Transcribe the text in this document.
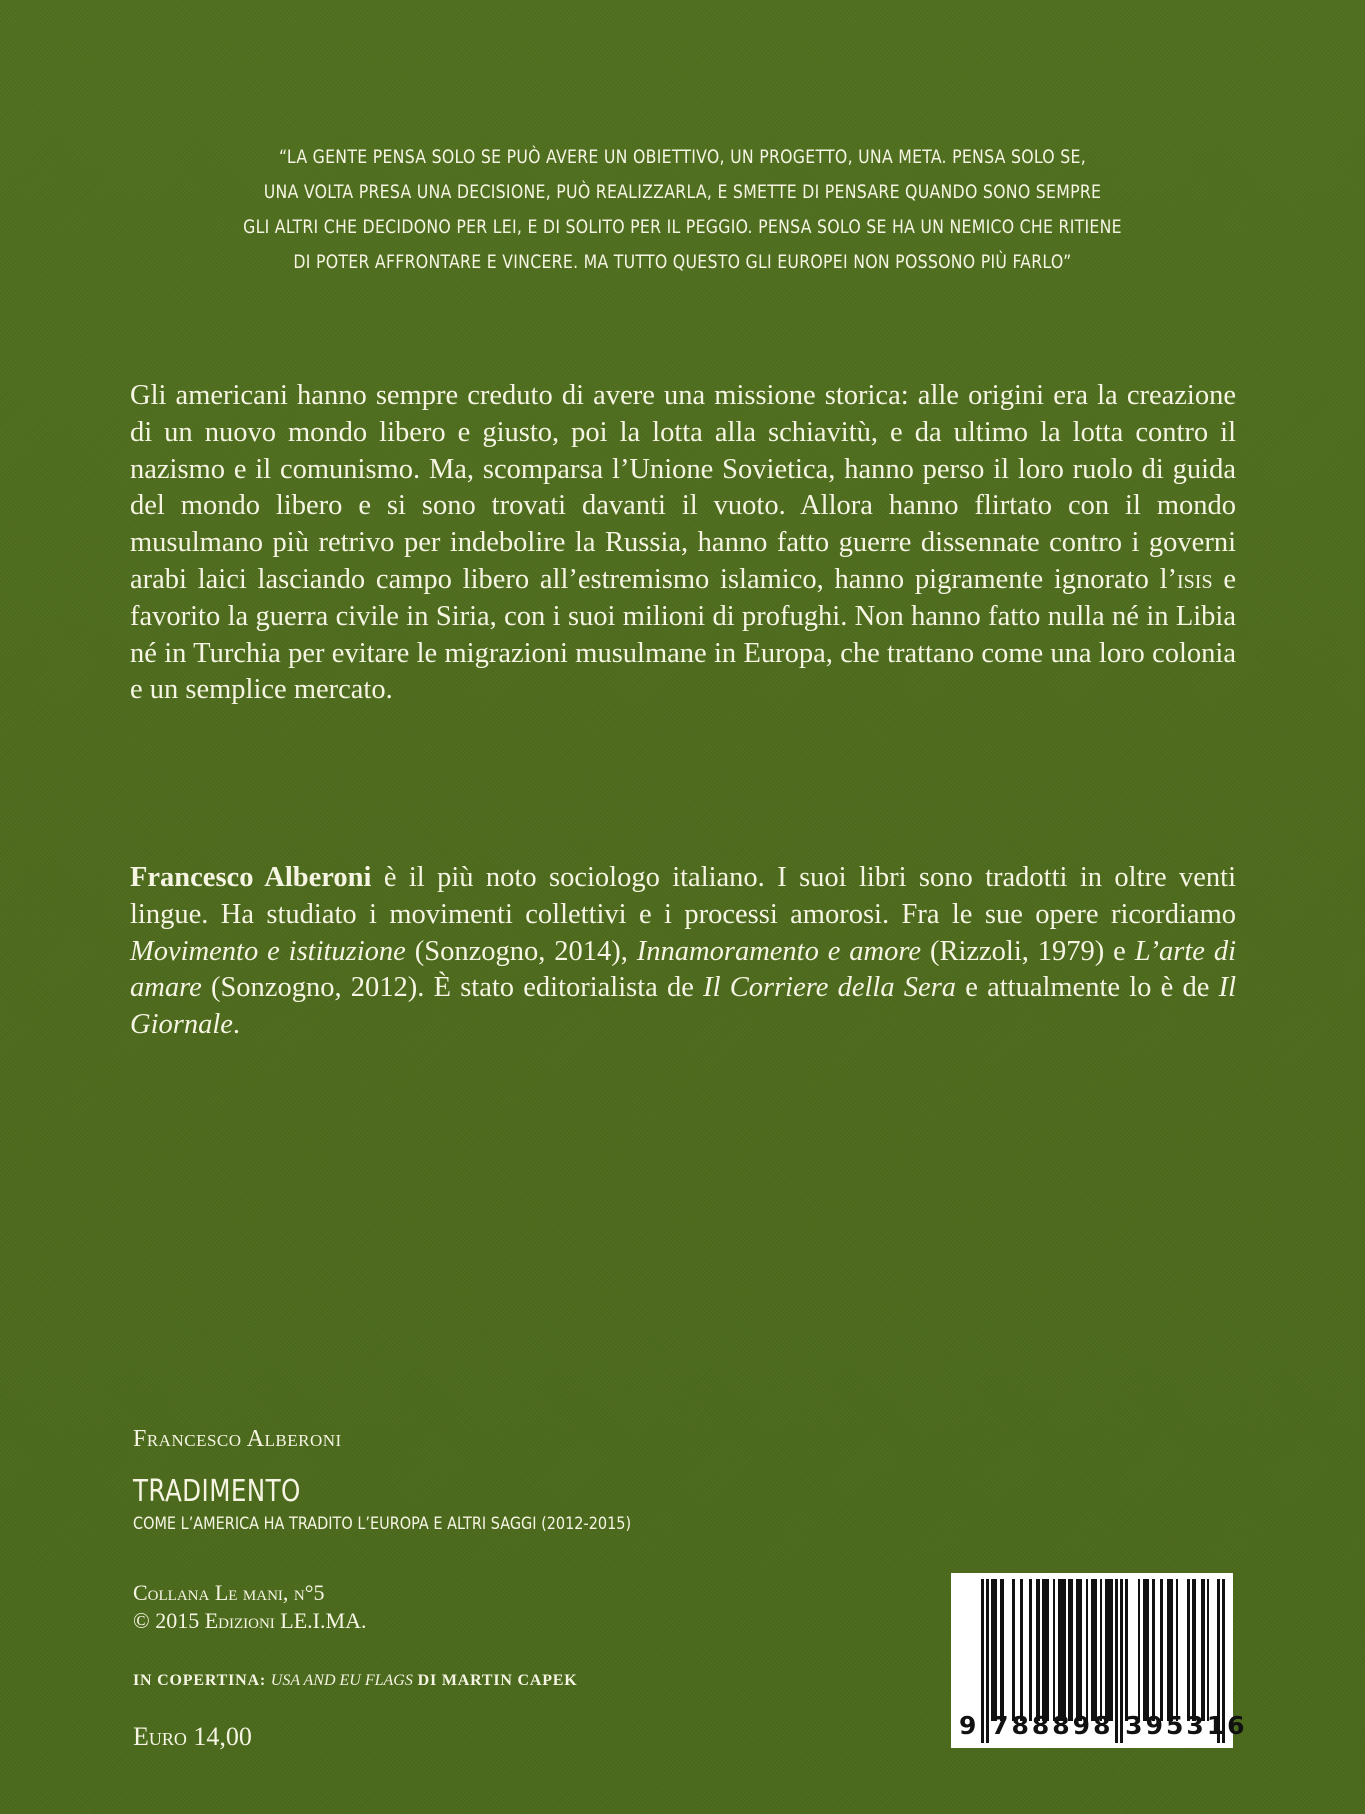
“LA GENTE PENSA SOLO SE PUÒ AVERE UN OBIETTIVO, UN PROGETTO, UNA META. PENSA SOLO SE,
UNA VOLTA PRESA UNA DECISIONE, PUÒ REALIZZARLA, E SMETTE DI PENSARE QUANDO SONO SEMPRE
GLI ALTRI CHE DECIDONO PER LEI, E DI SOLITO PER IL PEGGIO. PENSA SOLO SE HA UN NEMICO CHE RITIENE
DI POTER AFFRONTARE E VINCERE. MA TUTTO QUESTO GLI EUROPEI NON POSSONO PIÙ FARLO”

Gli americani hanno sempre creduto di avere una missione storica: alle origini era la creazione di un nuovo mondo libero e giusto, poi la lotta alla schiavitù, e da ultimo la lotta contro il nazismo e il comunismo. Ma, scomparsa l’Unione Sovietica, hanno perso il loro ruolo di guida del mondo libero e si sono trovati davanti il vuoto. Allora hanno flirtato con il mondo musulmano più retrivo per indebolire la Russia, hanno fatto guerre dissennate contro i governi arabi laici lasciando campo libero all’estremismo islamico, hanno pigramente ignorato l’isis e favorito la guerra civile in Siria, con i suoi milioni di profughi. Non hanno fatto nulla né in Libia né in Turchia per evitare le migrazioni musulmane in Europa, che trattano come una loro colonia e un semplice mercato.

Francesco Alberoni è il più noto sociologo italiano. I suoi libri sono tradotti in oltre venti lingue. Ha studiato i movimenti collettivi e i processi amorosi. Fra le sue opere ricordiamo Movimento e istituzione (Sonzogno, 2014), Innamoramento e amore (Rizzoli, 1979) e L’arte di amare (Sonzogno, 2012). È stato editorialista de Il Corriere della Sera e attualmente lo è de Il Giornale.

Francesco Alberoni
TRADIMENTO
COME L’AMERICA HA TRADITO L’EUROPA E ALTRI SAGGI (2012-2015)
Collana Le mani, n°5
© 2015 Edizioni LE.I.MA.
IN COPERTINA: USA AND EU FLAGS DI MARTIN CAPEK
Euro 14,00	9 788898 395316
